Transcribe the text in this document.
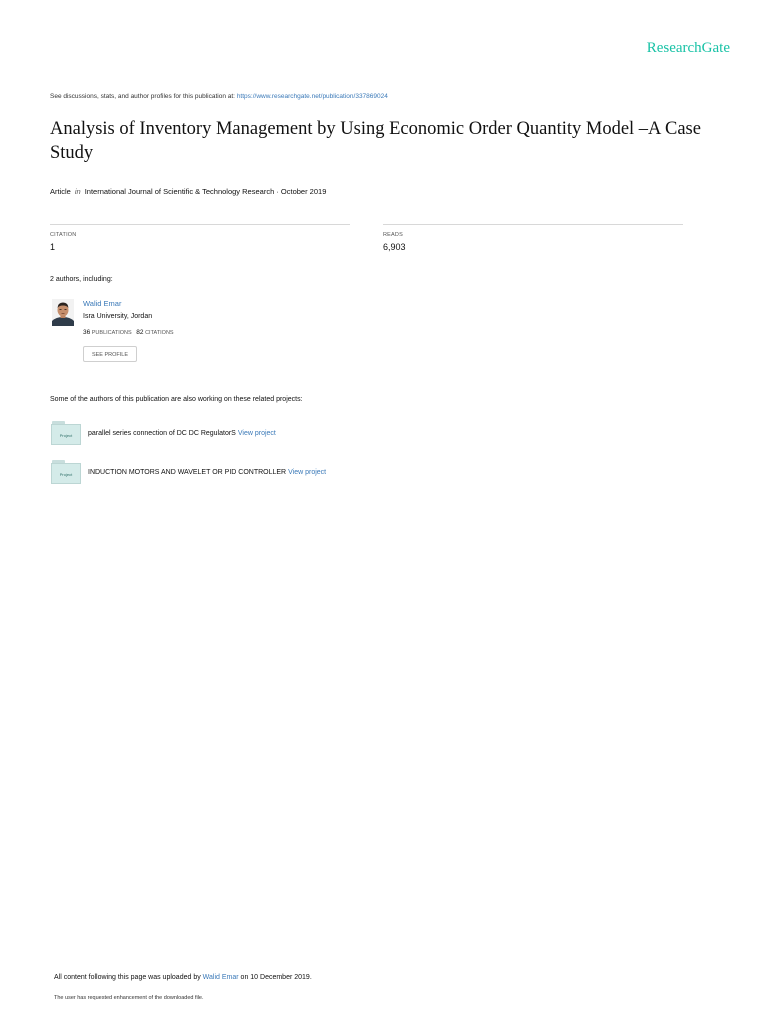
ResearchGate
See discussions, stats, and author profiles for this publication at: https://www.researchgate.net/publication/337869024
Analysis of Inventory Management by Using Economic Order Quantity Model –A Case Study
Article in International Journal of Scientific & Technology Research · October 2019
CITATION
1
READS
6,903
2 authors, including:
Walid Emar
Isra University, Jordan
36 PUBLICATIONS 82 CITATIONS
SEE PROFILE
Some of the authors of this publication are also working on these related projects:
Project	parallel series connection of DC DC RegulatorS View project
Project	INDUCTION MOTORS AND WAVELET OR PID CONTROLLER View project
All content following this page was uploaded by Walid Emar on 10 December 2019.
The user has requested enhancement of the downloaded file.
